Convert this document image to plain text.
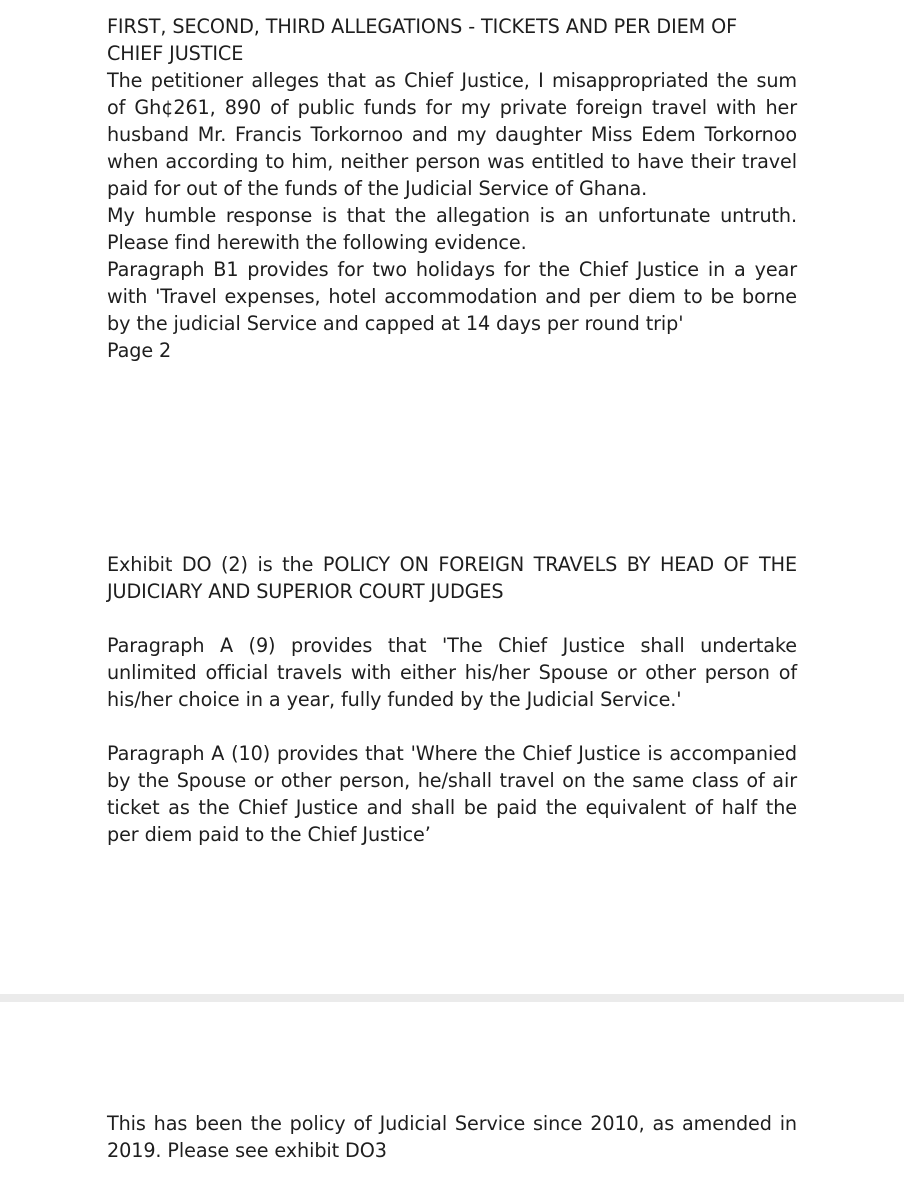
FIRST, SECOND, THIRD ALLEGATIONS - TICKETS AND PER DIEM OF CHIEF JUSTICE

The petitioner alleges that as Chief Justice, I misappropriated the sum of Gh¢261, 890 of public funds for my private foreign travel with her husband Mr. Francis Torkornoo and my daughter Miss Edem Torkornoo when according to him, neither person was entitled to have their travel paid for out of the funds of the Judicial Service of Ghana.

My humble response is that the allegation is an unfortunate untruth. Please find herewith the following evidence.

Paragraph B1 provides for two holidays for the Chief Justice in a year with 'Travel expenses, hotel accommodation and per diem to be borne by the judicial Service and capped at 14 days per round trip'

Page 2

Exhibit DO (2) is the POLICY ON FOREIGN TRAVELS BY HEAD OF THE JUDICIARY AND SUPERIOR COURT JUDGES

Paragraph A (9) provides that 'The Chief Justice shall undertake unlimited official travels with either his/her Spouse or other person of his/her choice in a year, fully funded by the Judicial Service.'

Paragraph A (10) provides that 'Where the Chief Justice is accompanied by the Spouse or other person, he/shall travel on the same class of air ticket as the Chief Justice and shall be paid the equivalent of half the per diem paid to the Chief Justice’

This has been the policy of Judicial Service since 2010, as amended in 2019. Please see exhibit DO3
